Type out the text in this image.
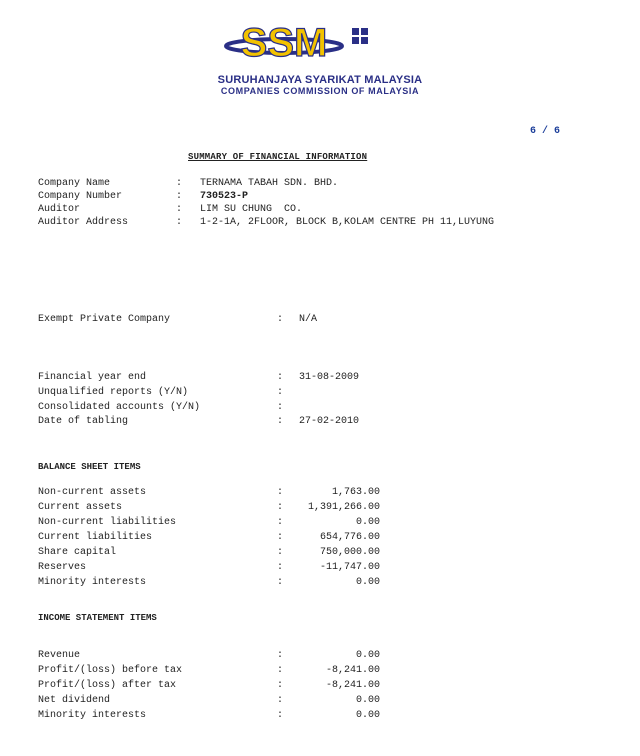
SSM
SURUHANJAYA SYARIKAT MALAYSIA
COMPANIES COMMISSION OF MALAYSIA
6 / 6
SUMMARY OF FINANCIAL INFORMATION
Company Name	: TERNAMA TABAH SDN. BHD.
Company Number	: 730523-P
Auditor	: LIM SU CHUNG  CO.
Auditor Address	: 1-2-1A, 2FLOOR, BLOCK B,KOLAM CENTRE PH 11,LUYUNG
Exempt Private Company	: N/A
Financial year end	: 31-08-2009
Unqualified reports (Y/N)	:
Consolidated accounts (Y/N)	:
Date of tabling	: 27-02-2010
BALANCE SHEET ITEMS
Non-current assets	:	1,763.00
Current assets	:	1,391,266.00
Non-current liabilities	:	0.00
Current liabilities	:	654,776.00
Share capital	:	750,000.00
Reserves	:	-11,747.00
Minority interests	:	0.00
INCOME STATEMENT ITEMS
Revenue	:	0.00
Profit/(loss) before tax	:	-8,241.00
Profit/(loss) after tax	:	-8,241.00
Net dividend	:	0.00
Minority interests	:	0.00
